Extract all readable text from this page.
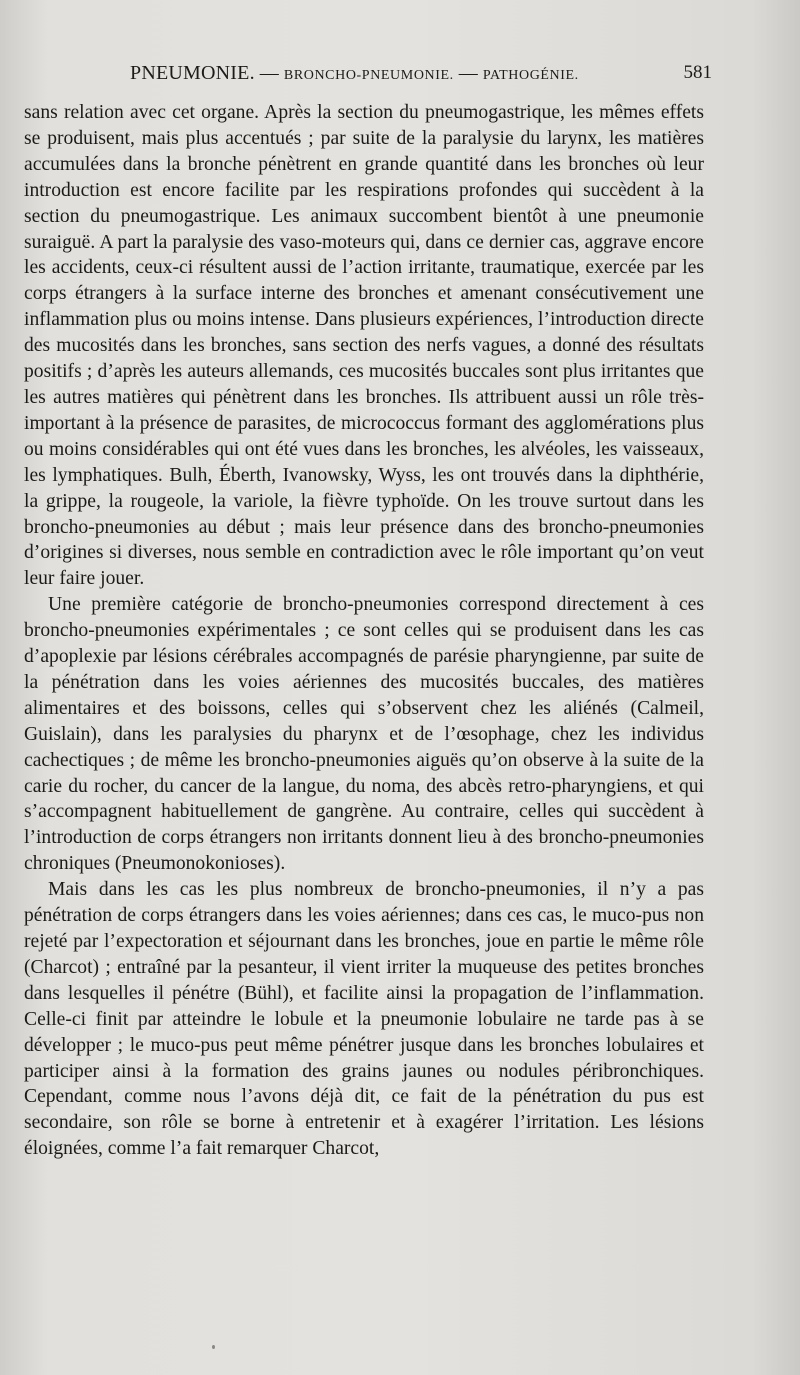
PNEUMONIE. — BRONCHO-PNEUMONIE. — PATHOGÉNIE.	581

sans relation avec cet organe. Après la section du pneumogastrique, les mêmes effets se produisent, mais plus accentués ; par suite de la paralysie du larynx, les matières accumulées dans la bronche pénètrent en grande quantité dans les bronches où leur introduction est encore facilite par les respirations profondes qui succèdent à la section du pneumogastrique. Les animaux succombent bientôt à une pneumonie suraiguë. A part la paralysie des vaso-moteurs qui, dans ce dernier cas, aggrave encore les accidents, ceux-ci résultent aussi de l’action irritante, traumatique, exercée par les corps étrangers à la surface interne des bronches et amenant consécutivement une inflammation plus ou moins intense. Dans plusieurs expériences, l’introduction directe des mucosités dans les bronches, sans section des nerfs vagues, a donné des résultats positifs ; d’après les auteurs allemands, ces mucosités buccales sont plus irritantes que les autres matières qui pénètrent dans les bronches. Ils attribuent aussi un rôle très-important à la présence de parasites, de micrococcus formant des agglomérations plus ou moins considérables qui ont été vues dans les bronches, les alvéoles, les vaisseaux, les lymphatiques. Bulh, Éberth, Ivanowsky, Wyss, les ont trouvés dans la diphthérie, la grippe, la rougeole, la variole, la fièvre typhoïde. On les trouve surtout dans les broncho-pneumonies au début ; mais leur présence dans des broncho-pneumonies d’origines si diverses, nous semble en contradiction avec le rôle important qu’on veut leur faire jouer.

Une première catégorie de broncho-pneumonies correspond directement à ces broncho-pneumonies expérimentales ; ce sont celles qui se produisent dans les cas d’apoplexie par lésions cérébrales accompagnés de parésie pharyngienne, par suite de la pénétration dans les voies aériennes des mucosités buccales, des matières alimentaires et des boissons, celles qui s’observent chez les aliénés (Calmeil, Guislain), dans les paralysies du pharynx et de l’œsophage, chez les individus cachectiques ; de même les broncho-pneumonies aiguës qu’on observe à la suite de la carie du rocher, du cancer de la langue, du noma, des abcès retro-pharyngiens, et qui s’accompagnent habituellement de gangrène. Au contraire, celles qui succèdent à l’introduction de corps étrangers non irritants donnent lieu à des broncho-pneumonies chroniques (Pneumonokonioses).

Mais dans les cas les plus nombreux de broncho-pneumonies, il n’y a pas pénétration de corps étrangers dans les voies aériennes; dans ces cas, le muco-pus non rejeté par l’expectoration et séjournant dans les bronches, joue en partie le même rôle (Charcot) ; entraîné par la pesanteur, il vient irriter la muqueuse des petites bronches dans lesquelles il pénétre (Bühl), et facilite ainsi la propagation de l’inflammation. Celle-ci finit par atteindre le lobule et la pneumonie lobulaire ne tarde pas à se développer ; le muco-pus peut même pénétrer jusque dans les bronches lobulaires et participer ainsi à la formation des grains jaunes ou nodules péribronchiques. Cependant, comme nous l’avons déjà dit, ce fait de la pénétration du pus est secondaire, son rôle se borne à entretenir et à exagérer l’irritation. Les lésions éloignées, comme l’a fait remarquer Charcot,
